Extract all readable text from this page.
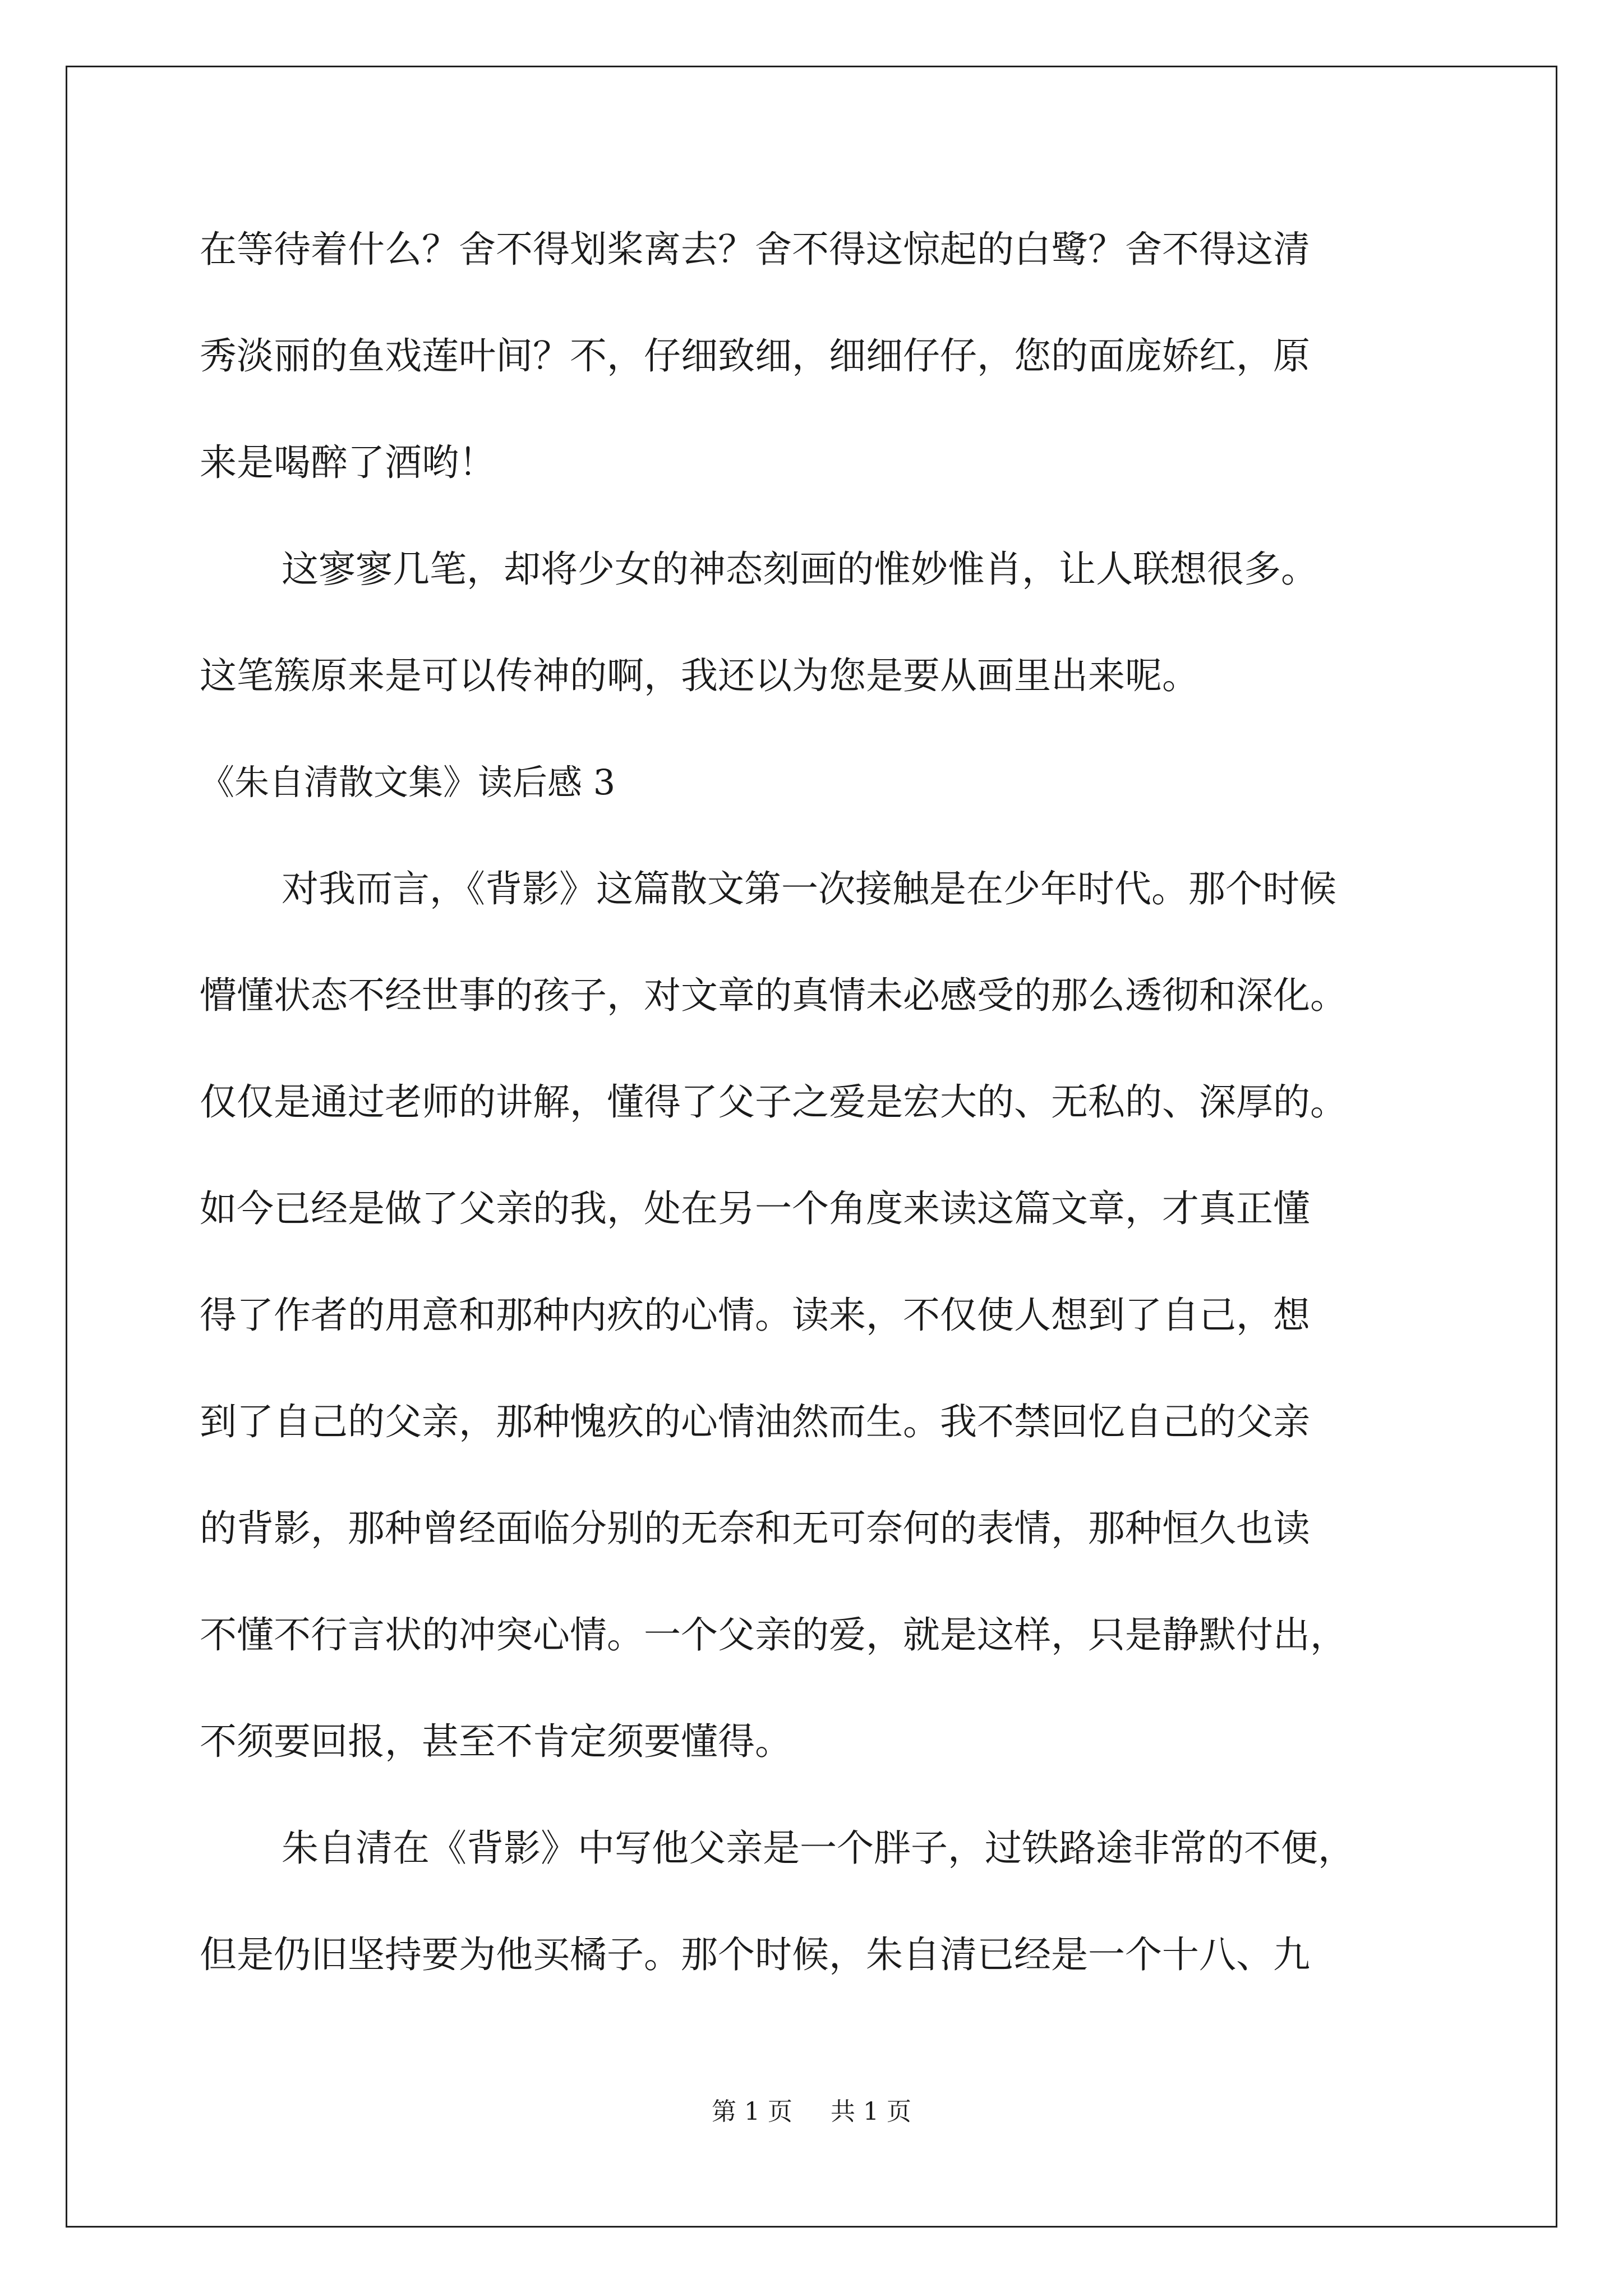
在等待着什么？舍不得划桨离去？舍不得这惊起的白鹭？舍不得这清
秀淡丽的鱼戏莲叶间？不，仔细致细，细细仔仔，您的面庞娇红，原
来是喝醉了酒哟！
这寥寥几笔，却将少女的神态刻画的惟妙惟肖，让人联想很多。
这笔簇原来是可以传神的啊，我还以为您是要从画里出来呢。
《朱自清散文集》读后感 3
对我而言，《背影》这篇散文第一次接触是在少年时代。那个时候
懵懂状态不经世事的孩子，对文章的真情未必感受的那么透彻和深化。
仅仅是通过老师的讲解，懂得了父子之爱是宏大的、无私的、深厚的。
如今已经是做了父亲的我，处在另一个角度来读这篇文章，才真正懂
得了作者的用意和那种内疚的心情。读来，不仅使人想到了自己，想
到了自己的父亲，那种愧疚的心情油然而生。我不禁回忆自己的父亲
的背影，那种曾经面临分别的无奈和无可奈何的表情，那种恒久也读
不懂不行言状的冲突心情。一个父亲的爱，就是这样，只是静默付出，
不须要回报，甚至不肯定须要懂得。
朱自清在《背影》中写他父亲是一个胖子，过铁路途非常的不便，
但是仍旧坚持要为他买橘子。那个时候，朱自清已经是一个十八、九
第 1 页 共 1 页
